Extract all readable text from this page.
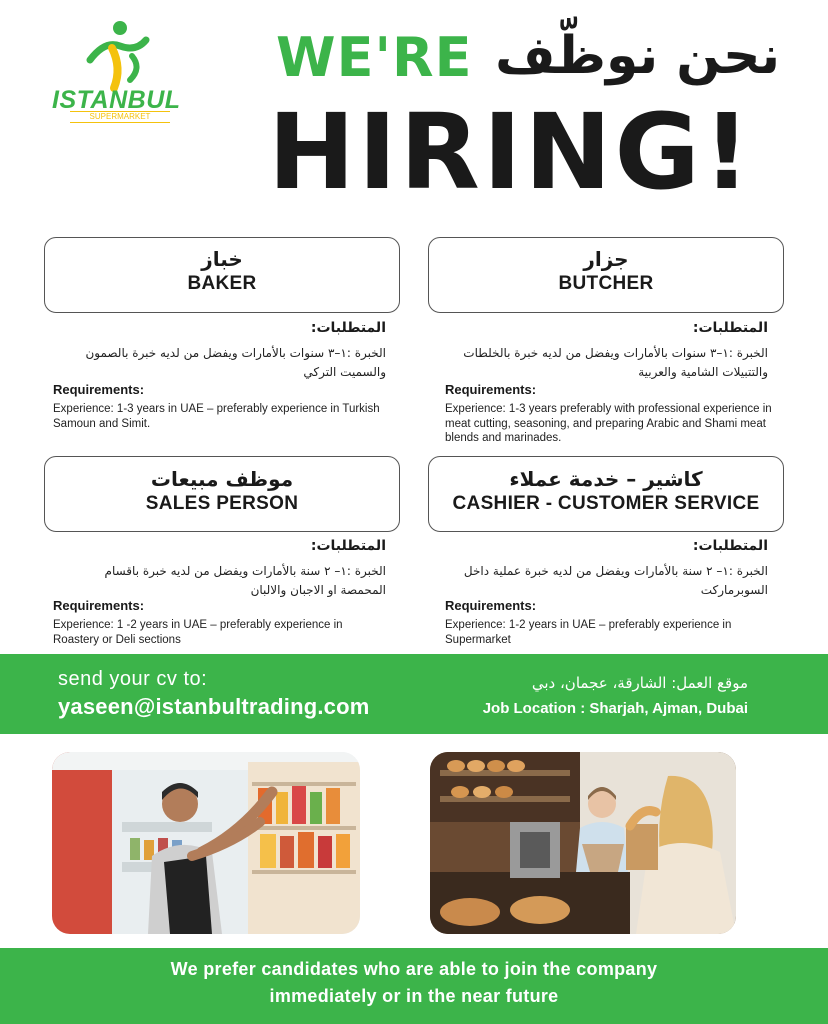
ISTANBUL
SUPERMARKET
WE'RE نحن نوظّف
HIRING!
جزار
BUTCHER
المتطلبات:
الخبرة :١–٣ سنوات بالأمارات ويفضل من لديه خبرة بالخلطات والتتبيلات الشامية والعربية
Requirements:
Experience: 1-3 years preferably with professional experience in meat cutting, seasoning, and preparing Arabic and Shami meat blends and marinades.
خباز
BAKER
المتطلبات:
الخبرة :١–٣ سنوات بالأمارات ويفضل من لديه خبرة بالصمون والسميت التركي
Requirements:
Experience: 1-3 years in UAE – preferably experience in Turkish Samoun and Simit.
كاشير – خدمة عملاء
CASHIER - CUSTOMER SERVICE
المتطلبات:
الخبرة :١– ٢ سنة بالأمارات ويفضل من لديه خبرة عملية داخل السوبرماركت
Requirements:
Experience: 1-2 years in UAE – preferably experience in Supermarket
موظف مبيعات
SALES PERSON
المتطلبات:
الخبرة :١– ٢ سنة بالأمارات ويفضل من لديه خبرة باقسام المحمصة او الاجبان والالبان
Requirements:
Experience: 1 -2 years in UAE – preferably experience in Roastery or Deli sections
send your cv to:
yaseen@istanbultrading.com
موقع العمل: الشارقة، عجمان، دبي
Job Location : Sharjah, Ajman, Dubai
We prefer candidates who are able to join the company
immediately or in the near future
